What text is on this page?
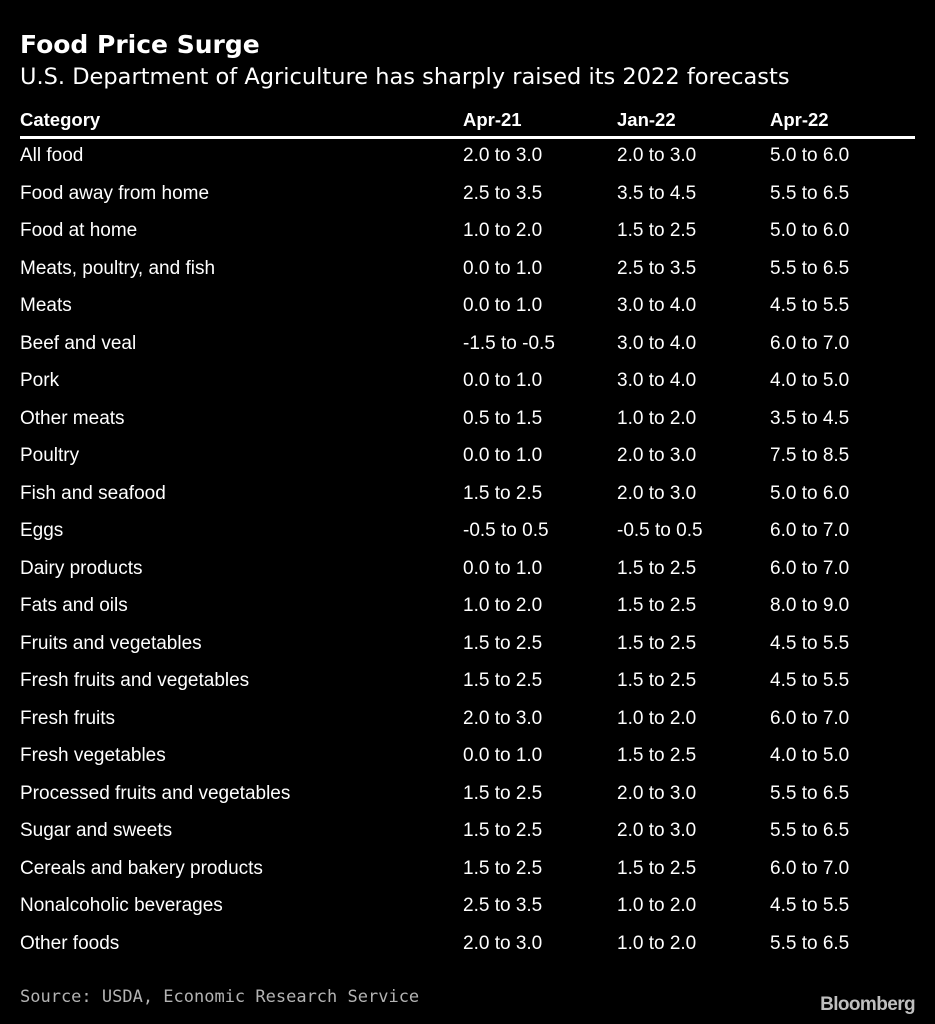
Food Price Surge
U.S. Department of Agriculture has sharply raised its 2022 forecasts
Category	Apr-21	Jan-22	Apr-22
All food	2.0 to 3.0	2.0 to 3.0	5.0 to 6.0
Food away from home	2.5 to 3.5	3.5 to 4.5	5.5 to 6.5
Food at home	1.0 to 2.0	1.5 to 2.5	5.0 to 6.0
Meats, poultry, and fish	0.0 to 1.0	2.5 to 3.5	5.5 to 6.5
Meats	0.0 to 1.0	3.0 to 4.0	4.5 to 5.5
Beef and veal	-1.5 to -0.5	3.0 to 4.0	6.0 to 7.0
Pork	0.0 to 1.0	3.0 to 4.0	4.0 to 5.0
Other meats	0.5 to 1.5	1.0 to 2.0	3.5 to 4.5
Poultry	0.0 to 1.0	2.0 to 3.0	7.5 to 8.5
Fish and seafood	1.5 to 2.5	2.0 to 3.0	5.0 to 6.0
Eggs	-0.5 to 0.5	-0.5 to 0.5	6.0 to 7.0
Dairy products	0.0 to 1.0	1.5 to 2.5	6.0 to 7.0
Fats and oils	1.0 to 2.0	1.5 to 2.5	8.0 to 9.0
Fruits and vegetables	1.5 to 2.5	1.5 to 2.5	4.5 to 5.5
Fresh fruits and vegetables	1.5 to 2.5	1.5 to 2.5	4.5 to 5.5
Fresh fruits	2.0 to 3.0	1.0 to 2.0	6.0 to 7.0
Fresh vegetables	0.0 to 1.0	1.5 to 2.5	4.0 to 5.0
Processed fruits and vegetables	1.5 to 2.5	2.0 to 3.0	5.5 to 6.5
Sugar and sweets	1.5 to 2.5	2.0 to 3.0	5.5 to 6.5
Cereals and bakery products	1.5 to 2.5	1.5 to 2.5	6.0 to 7.0
Nonalcoholic beverages	2.5 to 3.5	1.0 to 2.0	4.5 to 5.5
Other foods	2.0 to 3.0	1.0 to 2.0	5.5 to 6.5
Source: USDA, Economic Research Service	Bloomberg
